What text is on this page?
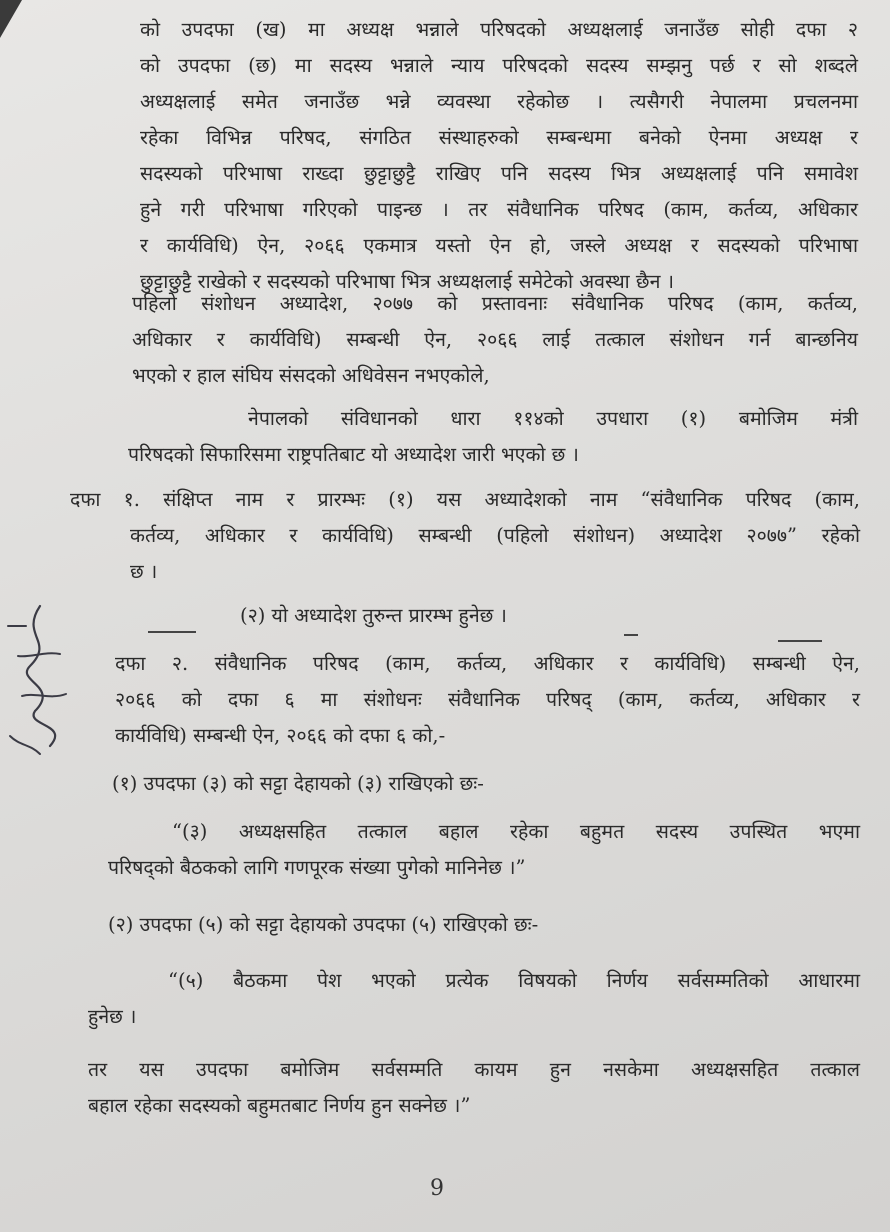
को उपदफा (ख) मा अध्यक्ष भन्नाले परिषदको अध्यक्षलाई जनाउँछ सोही दफा २
को उपदफा (छ) मा सदस्य भन्नाले न्याय परिषदको सदस्य सम्झनु पर्छ र सो शब्दले
अध्यक्षलाई समेत जनाउँछ भन्ने व्यवस्था रहेकोछ । त्यसैगरी नेपालमा प्रचलनमा
रहेका विभिन्न परिषद, संगठित संस्थाहरुको सम्बन्धमा बनेको ऐनमा अध्यक्ष र
सदस्यको परिभाषा राख्दा छुट्टाछुट्टै राखिए पनि सदस्य भित्र अध्यक्षलाई पनि समावेश
हुने गरी परिभाषा गरिएको पाइन्छ । तर संवैधानिक परिषद (काम, कर्तव्य, अधिकार
र कार्यविधि) ऐन, २०६६ एकमात्र यस्तो ऐन हो, जस्ले अध्यक्ष र सदस्यको परिभाषा
छुट्टाछुट्टै राखेको र सदस्यको परिभाषा भित्र अध्यक्षलाई समेटेको अवस्था छैन ।
पहिलो संशोधन अध्यादेश, २०७७ को प्रस्तावनाः संवैधानिक परिषद (काम, कर्तव्य,
अधिकार र कार्यविधि) सम्बन्धी ऐन, २०६६ लाई तत्काल संशोधन गर्न बान्छनिय
भएको र हाल संघिय संसदको अधिवेसन नभएकोले,
नेपालको संविधानको धारा ११४को उपधारा (१) बमोजिम मंत्री
परिषदको सिफारिसमा राष्ट्रपतिबाट यो अध्यादेश जारी भएको छ ।
दफा १. संक्षिप्त नाम र प्रारम्भः (१) यस अध्यादेशको नाम “संवैधानिक परिषद (काम,
कर्तव्य, अधिकार र कार्यविधि) सम्बन्धी (पहिलो संशोधन) अध्यादेश २०७७” रहेको
छ ।
(२) यो अध्यादेश तुरुन्त प्रारम्भ हुनेछ ।
दफा २. संवैधानिक परिषद (काम, कर्तव्य, अधिकार र कार्यविधि) सम्बन्धी ऐन,
२०६६ को दफा ६ मा संशोधनः संवैधानिक परिषद् (काम, कर्तव्य, अधिकार र
कार्यविधि) सम्बन्धी ऐन, २०६६ को दफा ६ को,-
(१) उपदफा (३) को सट्टा देहायको (३) राखिएको छः-
“(३) अध्यक्षसहित तत्काल बहाल रहेका बहुमत सदस्य उपस्थित भएमा
परिषद्को बैठकको लागि गणपूरक संख्या पुगेको मानिनेछ ।”
(२) उपदफा (५) को सट्टा देहायको उपदफा (५) राखिएको छः-
“(५) बैठकमा पेश भएको प्रत्येक विषयको निर्णय सर्वसम्मतिको आधारमा
हुनेछ ।
तर यस उपदफा बमोजिम सर्वसम्मति कायम हुन नसकेमा अध्यक्षसहित तत्काल
बहाल रहेका सदस्यको बहुमतबाट निर्णय हुन सक्नेछ ।”
9
